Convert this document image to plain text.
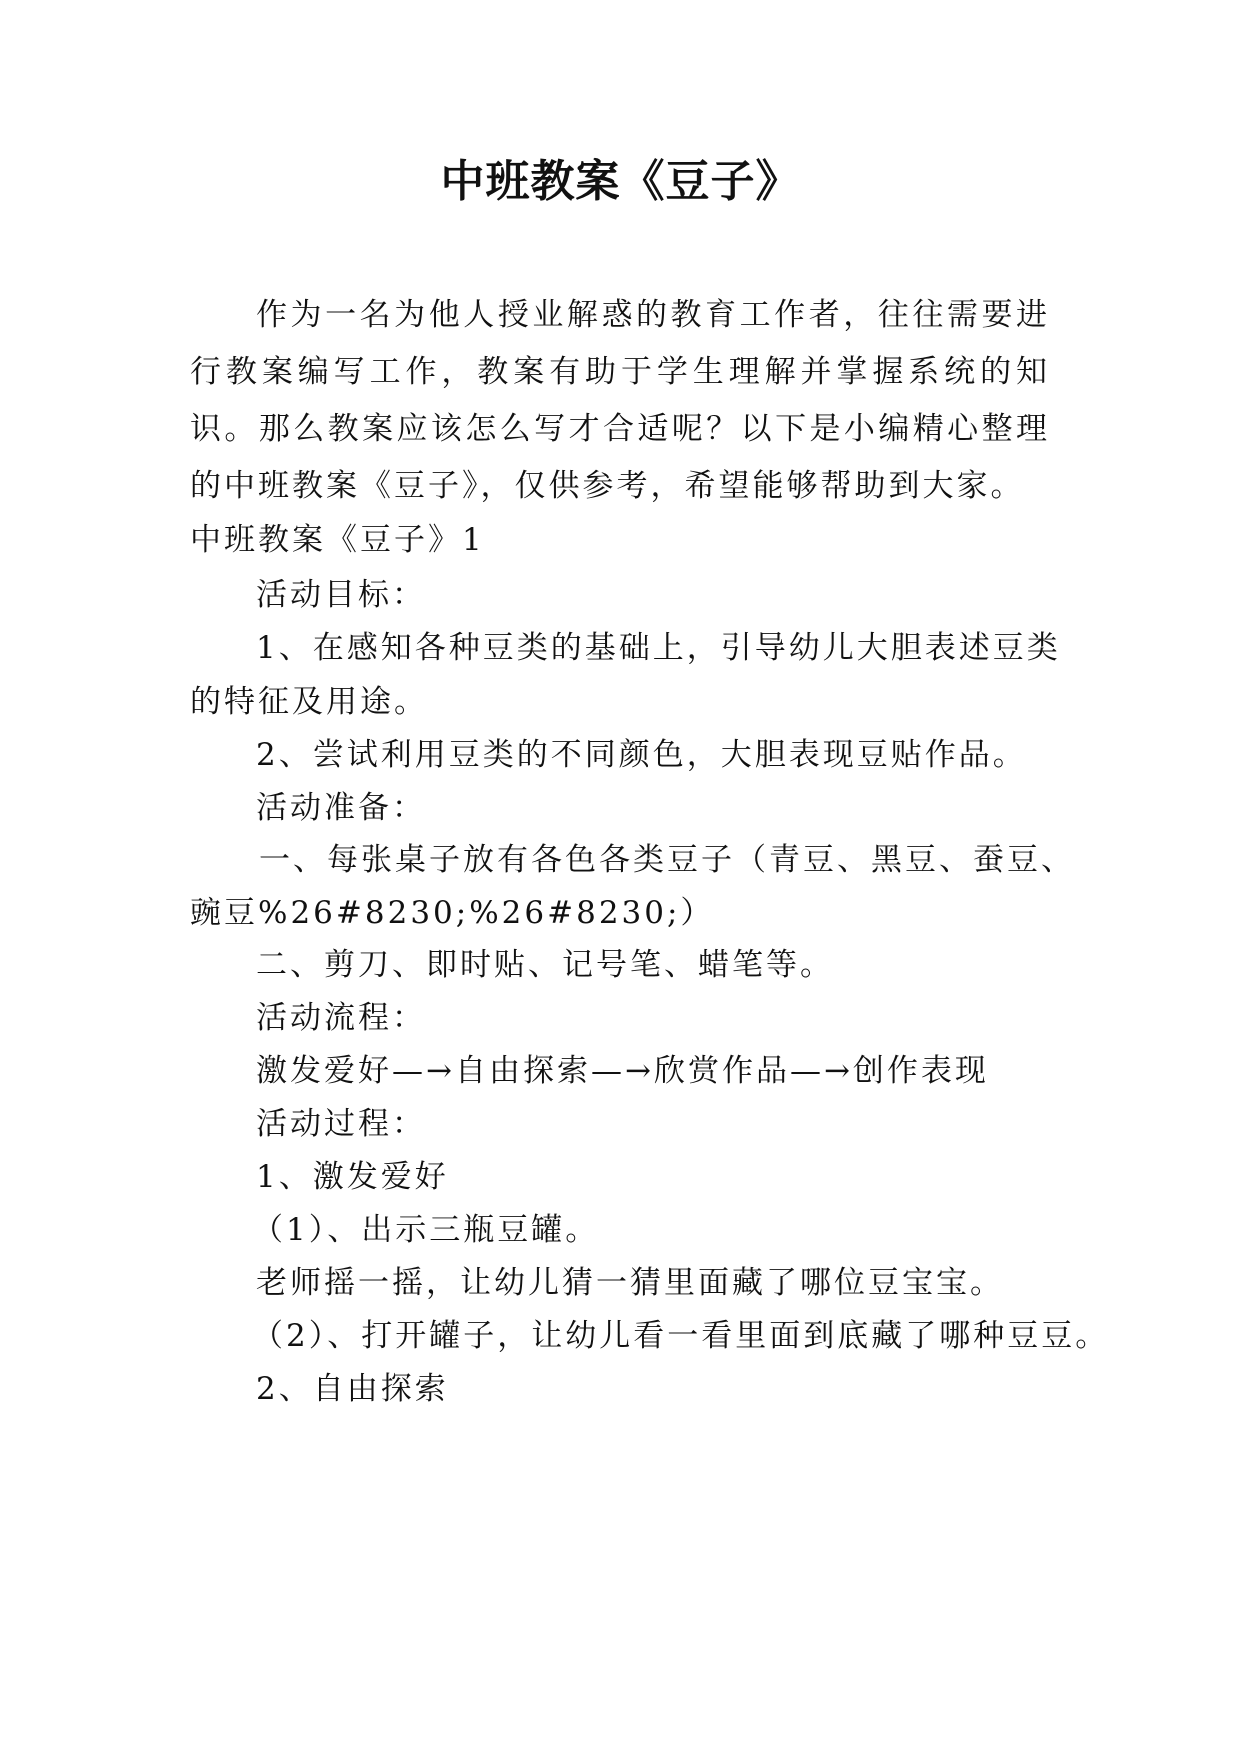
中班教案《豆子》
作为一名为他人授业解惑的教育工作者，往往需要进行教案编写工作，教案有助于学生理解并掌握系统的知识。那么教案应该怎么写才合适呢？以下是小编精心整理的中班教案《豆子》，仅供参考，希望能够帮助到大家。
中班教案《豆子》1
活动目标：
1、在感知各种豆类的基础上，引导幼儿大胆表述豆类
的特征及用途。
2、尝试利用豆类的不同颜色，大胆表现豆贴作品。
活动准备：
一、每张桌子放有各色各类豆子（青豆、黑豆、蚕豆、
豌豆%26#8230;%26#8230;）
二、剪刀、即时贴、记号笔、蜡笔等。
活动流程：
激发爱好—→自由探索—→欣赏作品—→创作表现
活动过程：
1、激发爱好
（1）、出示三瓶豆罐。
老师摇一摇，让幼儿猜一猜里面藏了哪位豆宝宝。
（2）、打开罐子，让幼儿看一看里面到底藏了哪种豆豆。
2、自由探索
